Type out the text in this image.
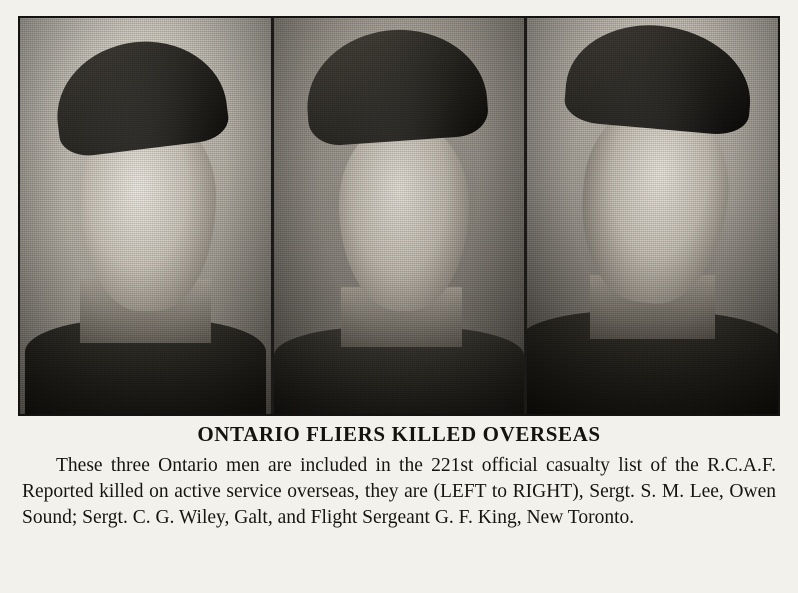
ONTARIO FLIERS KILLED OVERSEAS

These three Ontario men are included in the 221st official casualty list of the R.C.A.F. Reported killed on active service overseas, they are (LEFT to RIGHT), Sergt. S. M. Lee, Owen Sound; Sergt. C. G. Wiley, Galt, and Flight Sergeant G. F. King, New Toronto.
